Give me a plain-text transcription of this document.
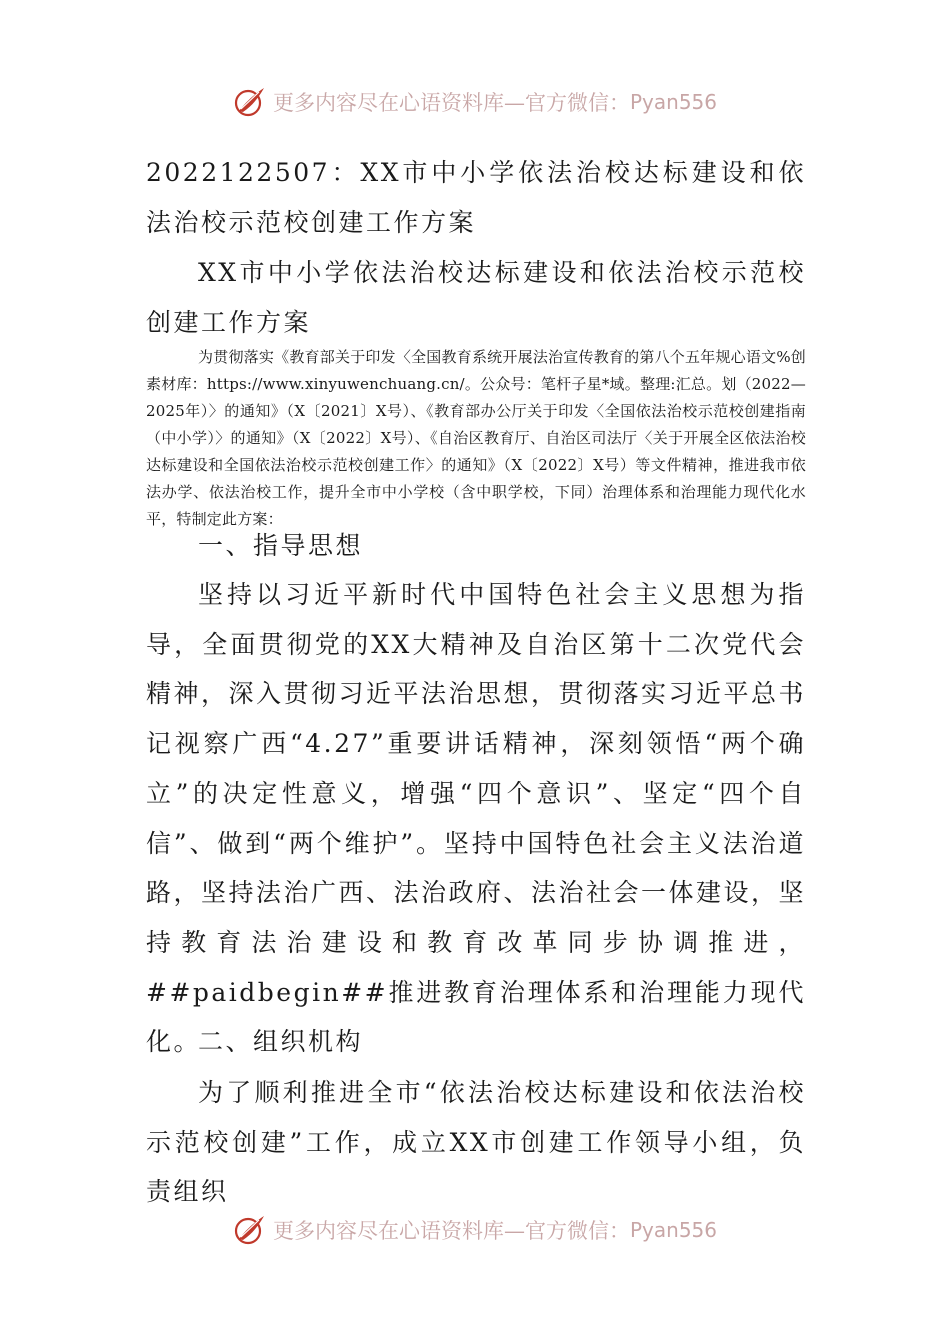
更多内容尽在心语资料库—官方微信： Pyan556

2022122507：XX市中小学依法治校达标建设和依法治校示范校创建工作方案

XX市中小学依法治校达标建设和依法治校示范校创建工作方案

为贯彻落实《教育部关于印发〈全国教育系统开展法治宣传教育的第八个五年规心语文%创素材库：https://www.xinyuwenchuang.cn/。公众号：笔杆子星*域。整理:汇总。划（2022—2025年）〉的通知》（X〔2021〕X号）、《教育部办公厅关于印发〈全国依法治校示范校创建指南（中小学）〉的通知》（X〔2022〕X号）、《自治区教育厅、自治区司法厅〈关于开展全区依法治校达标建设和全国依法治校示范校创建工作〉的通知》（X〔2022〕X号）等文件精神，推进我市依法办学、依法治校工作，提升全市中小学校（含中职学校，下同）治理体系和治理能力现代化水平，特制定此方案：

一、指导思想

坚持以习近平新时代中国特色社会主义思想为指导，全面贯彻党的XX大精神及自治区第十二次党代会精神，深入贯彻习近平法治思想，贯彻落实习近平总书记视察广西“4.27”重要讲话精神，深刻领悟“两个确立”的决定性意义，增强“四个意识”、坚定“四个自信”、做到“两个维护”。坚持中国特色社会主义法治道路，坚持法治广西、法治政府、法治社会一体建设，坚持教育法治建设和教育改革同步协调推进，##paidbegin##推进教育治理体系和治理能力现代化。

二、组织机构

为了顺利推进全市“依法治校达标建设和依法治校示范校创建”工作，成立XX市创建工作领导小组，负责组织

更多内容尽在心语资料库—官方微信： Pyan556
